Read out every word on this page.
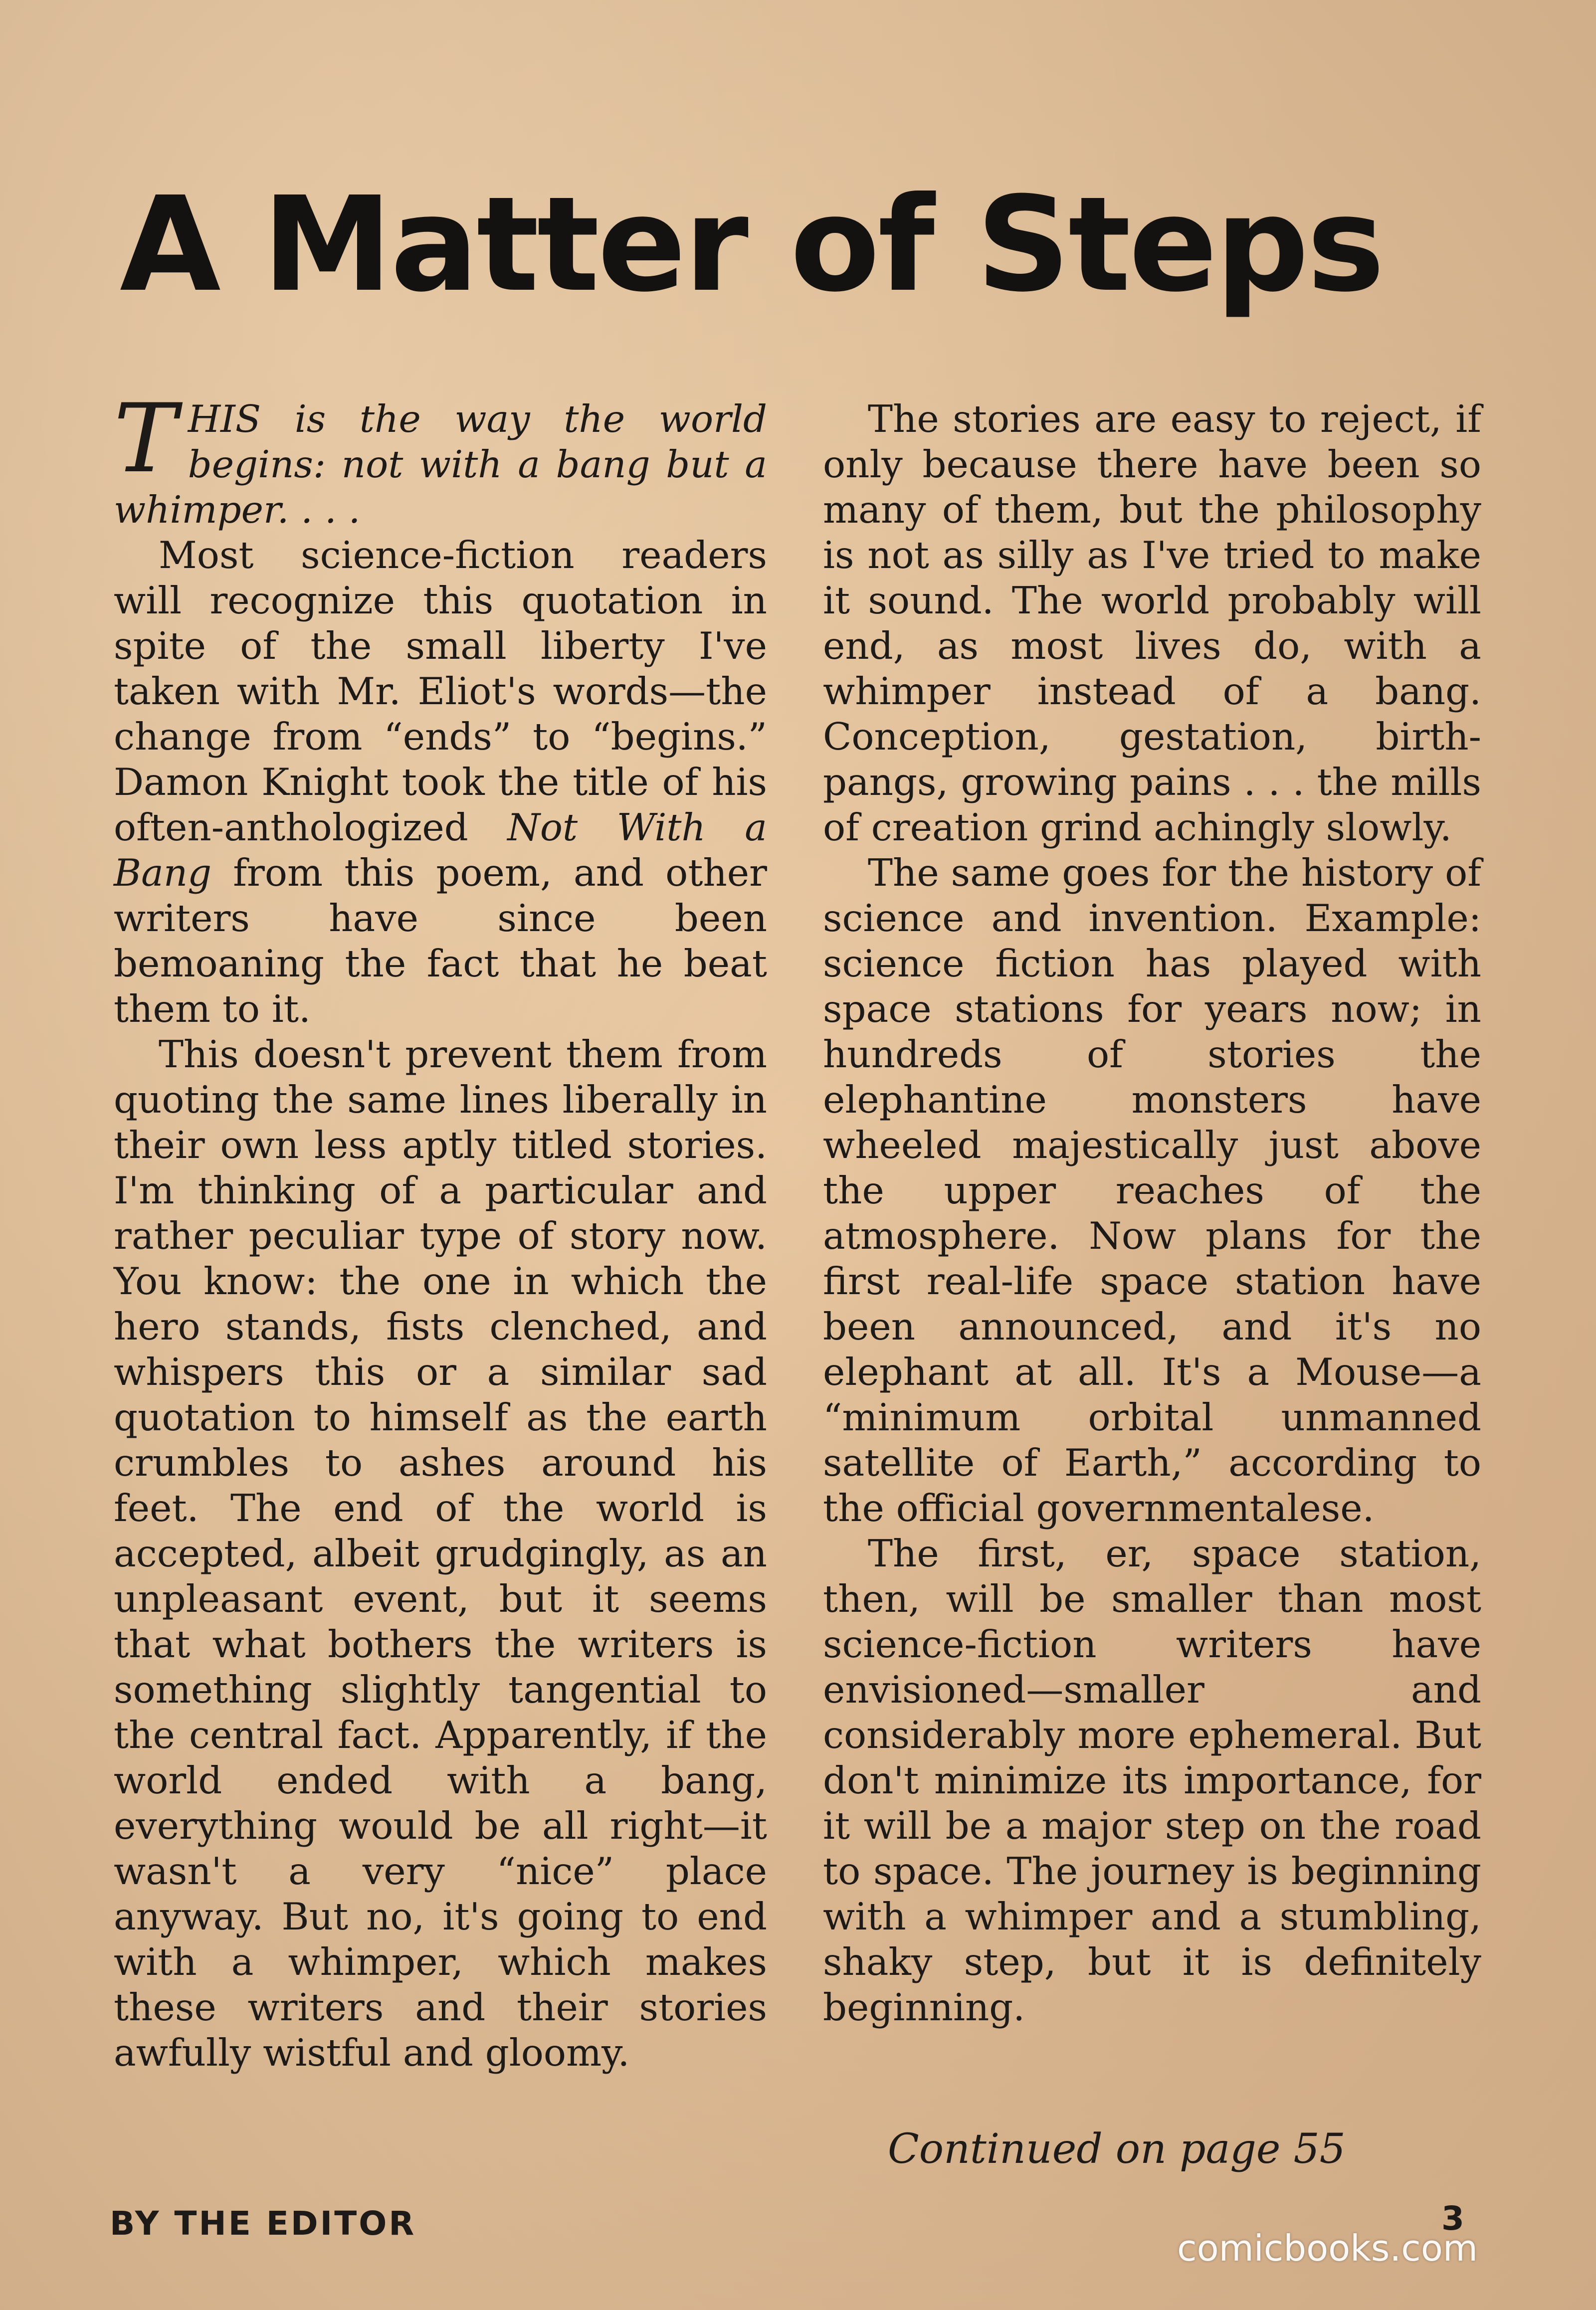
A Matter of Steps

T HIS is the way the world begins: not with a bang but a whimper. . . .

Most science-fiction readers will recognize this quotation in spite of the small liberty I've taken with Mr. Eliot's words—the change from “ends” to “begins.” Damon Knight took the title of his often-anthologized Not With a Bang from this poem, and other writers have since been bemoaning the fact that he beat them to it.

This doesn't prevent them from quoting the same lines liberally in their own less aptly titled stories. I'm thinking of a particular and rather peculiar type of story now. You know: the one in which the hero stands, fists clenched, and whispers this or a similar sad quotation to himself as the earth crumbles to ashes around his feet. The end of the world is accepted, albeit grudgingly, as an unpleasant event, but it seems that what bothers the writers is something slightly tangential to the central fact. Apparently, if the world ended with a bang, everything would be all right—it wasn't a very “nice” place anyway. But no, it's going to end with a whimper, which makes these writers and their stories awfully wistful and gloomy.

The stories are easy to reject, if only because there have been so many of them, but the philosophy is not as silly as I've tried to make it sound. The world probably will end, as most lives do, with a whimper instead of a bang. Conception, gestation, birth-pangs, growing pains . . . the mills of creation grind achingly slowly.

The same goes for the history of science and invention. Example: science fiction has played with space stations for years now; in hundreds of stories the elephantine monsters have wheeled majestically just above the upper reaches of the atmosphere. Now plans for the first real-life space station have been announced, and it's no elephant at all. It's a Mouse—a “minimum orbital unmanned satellite of Earth,” according to the official governmentalese.

The first, er, space station, then, will be smaller than most science-fiction writers have envisioned—smaller and considerably more ephemeral. But don't minimize its importance, for it will be a major step on the road to space. The journey is beginning with a whimper and a stumbling, shaky step, but it is definitely beginning.

Continued on page 55
BY THE EDITOR	3
comicbooks.com
